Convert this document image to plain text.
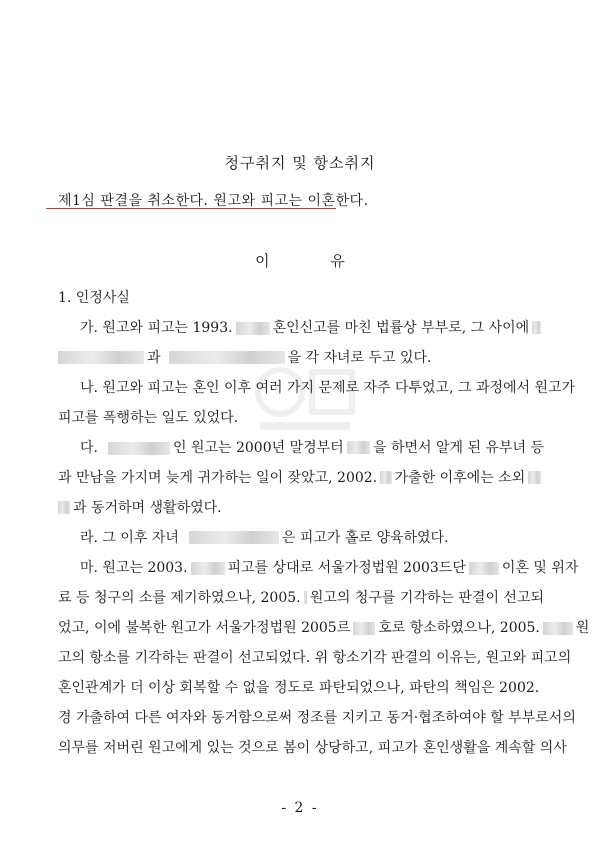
청구취지 및 항소취지
제1심 판결을 취소한다. 원고와 피고는 이혼한다.
이	유
1. 인정사실
가. 원고와 피고는 1993.	혼인신고를 마친 법률상 부부로, 그 사이에
과	을 각 자녀로 두고 있다.
나. 원고와 피고는 혼인 이후 여러 가지 문제로 자주 다투었고, 그 과정에서 원고가
피고를 폭행하는 일도 있었다.
다.	인 원고는 2000년 말경부터 을 하면서 알게 된 유부녀 등
과 만남을 가지며 늦게 귀가하는 일이 잦았고, 2002. 가출한 이후에는 소외
과 동거하며 생활하였다.
라. 그 이후 자녀	은 피고가 홀로 양육하였다.
마. 원고는 2003.	피고를 상대로 서울가정법원 2003드단	이혼 및 위자
료 등 청구의 소를 제기하였으나, 2005. 원고의 청구를 기각하는 판결이 선고되
었고, 이에 불복한 원고가 서울가정법원 2005르	호로 항소하였으나, 2005.	원
고의 항소를 기각하는 판결이 선고되었다. 위 항소기각 판결의 이유는, 원고와 피고의
혼인관계가 더 이상 회복할 수 없을 정도로 파탄되었으나, 파탄의 책임은 2002.
경 가출하여 다른 여자와 동거함으로써 정조를 지키고 동거·협조하여야 할 부부로서의
의무를 저버린 원고에게 있는 것으로 봄이 상당하고, 피고가 혼인생활을 계속할 의사
- 2 -
